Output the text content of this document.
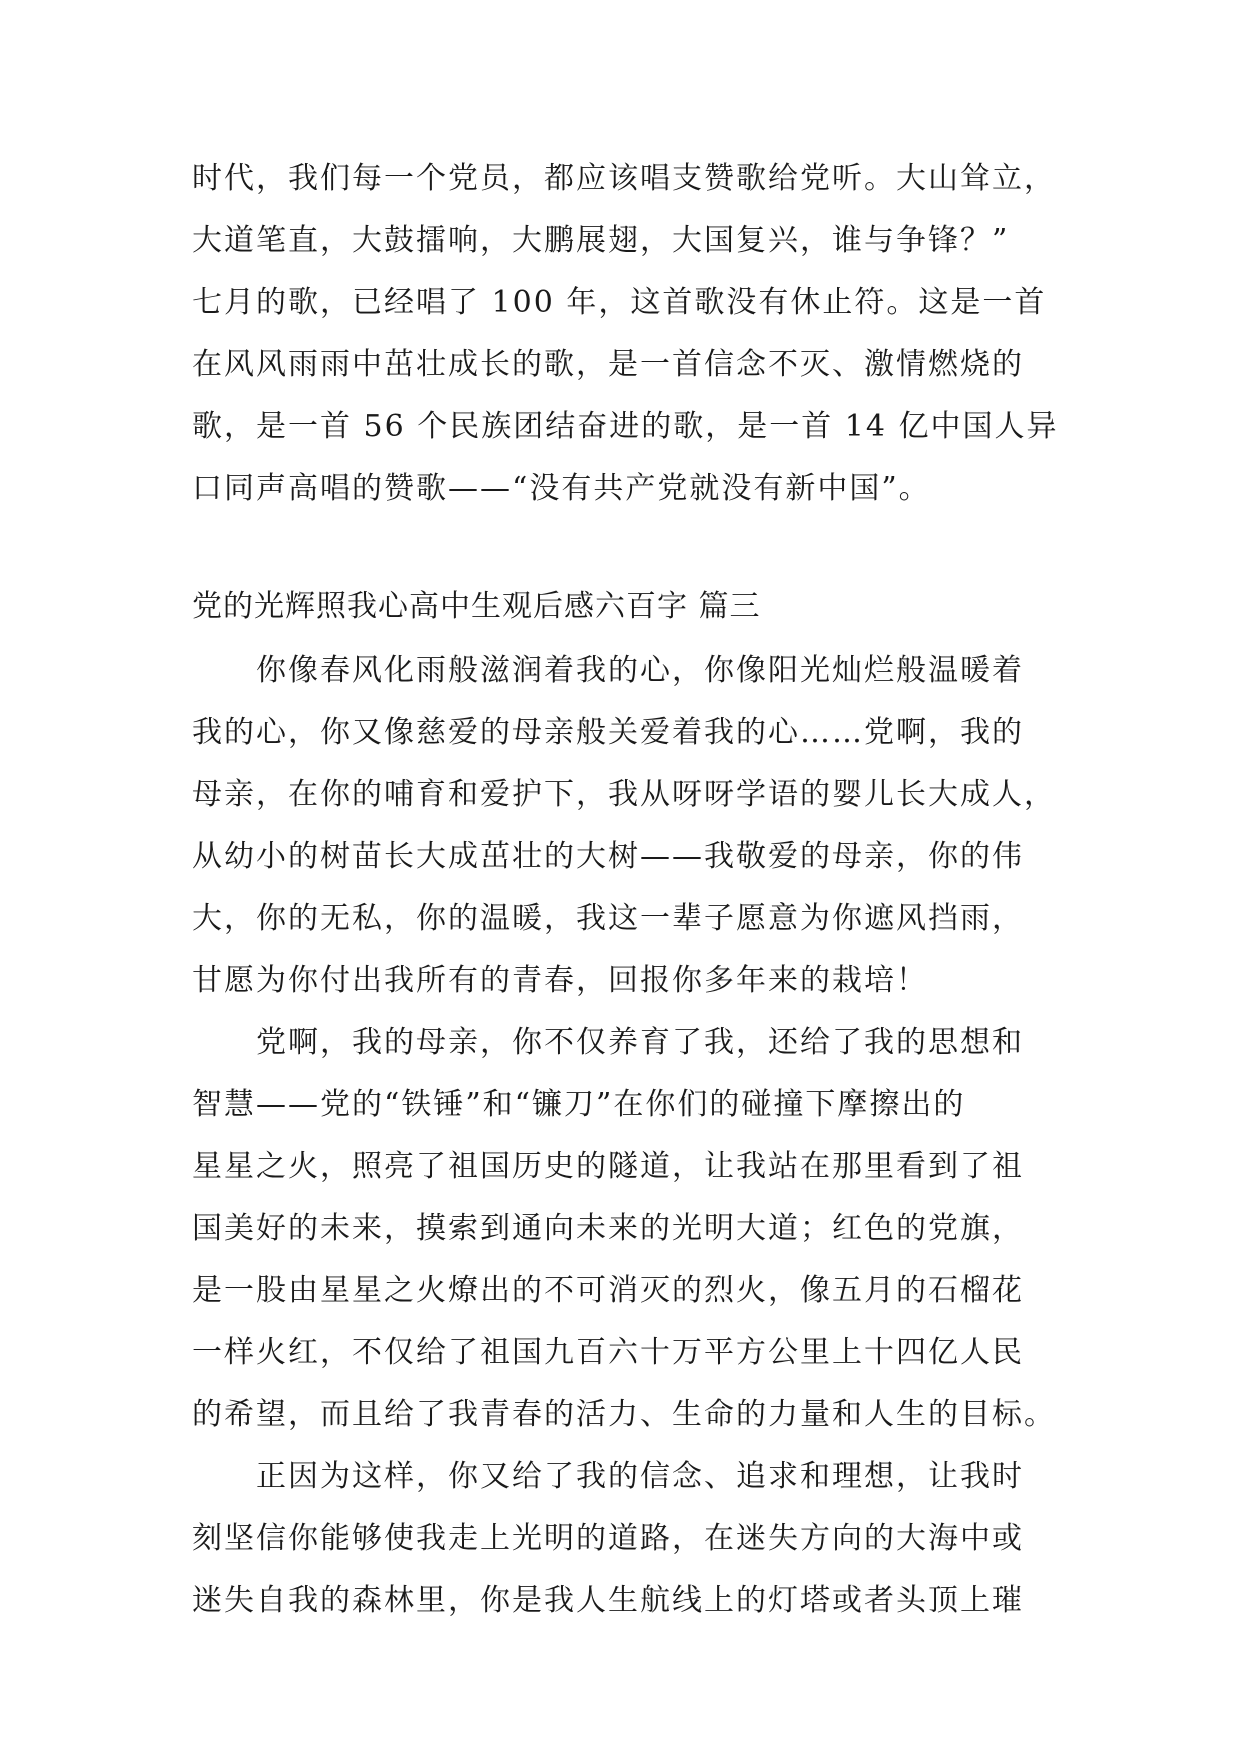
时代，我们每一个党员，都应该唱支赞歌给党听。大山耸立，
大道笔直，大鼓擂响，大鹏展翅，大国复兴，谁与争锋？”
七月的歌，已经唱了 100 年，这首歌没有休止符。这是一首
在风风雨雨中茁壮成长的歌，是一首信念不灭、激情燃烧的
歌，是一首 56 个民族团结奋进的歌，是一首 14 亿中国人异
口同声高唱的赞歌——“没有共产党就没有新中国”。
党的光辉照我心高中生观后感六百字 篇三
你像春风化雨般滋润着我的心，你像阳光灿烂般温暖着
我的心，你又像慈爱的母亲般关爱着我的心……党啊，我的
母亲，在你的哺育和爱护下，我从呀呀学语的婴儿长大成人，
从幼小的树苗长大成茁壮的大树——我敬爱的母亲，你的伟
大，你的无私，你的温暖，我这一辈子愿意为你遮风挡雨，
甘愿为你付出我所有的青春，回报你多年来的栽培！
党啊，我的母亲，你不仅养育了我，还给了我的思想和
智慧——党的“铁锤”和“镰刀”在你们的碰撞下摩擦出的
星星之火，照亮了祖国历史的隧道，让我站在那里看到了祖
国美好的未来，摸索到通向未来的光明大道；红色的党旗，
是一股由星星之火燎出的不可消灭的烈火，像五月的石榴花
一样火红，不仅给了祖国九百六十万平方公里上十四亿人民
的希望，而且给了我青春的活力、生命的力量和人生的目标。
正因为这样，你又给了我的信念、追求和理想，让我时
刻坚信你能够使我走上光明的道路，在迷失方向的大海中或
迷失自我的森林里，你是我人生航线上的灯塔或者头顶上璀
